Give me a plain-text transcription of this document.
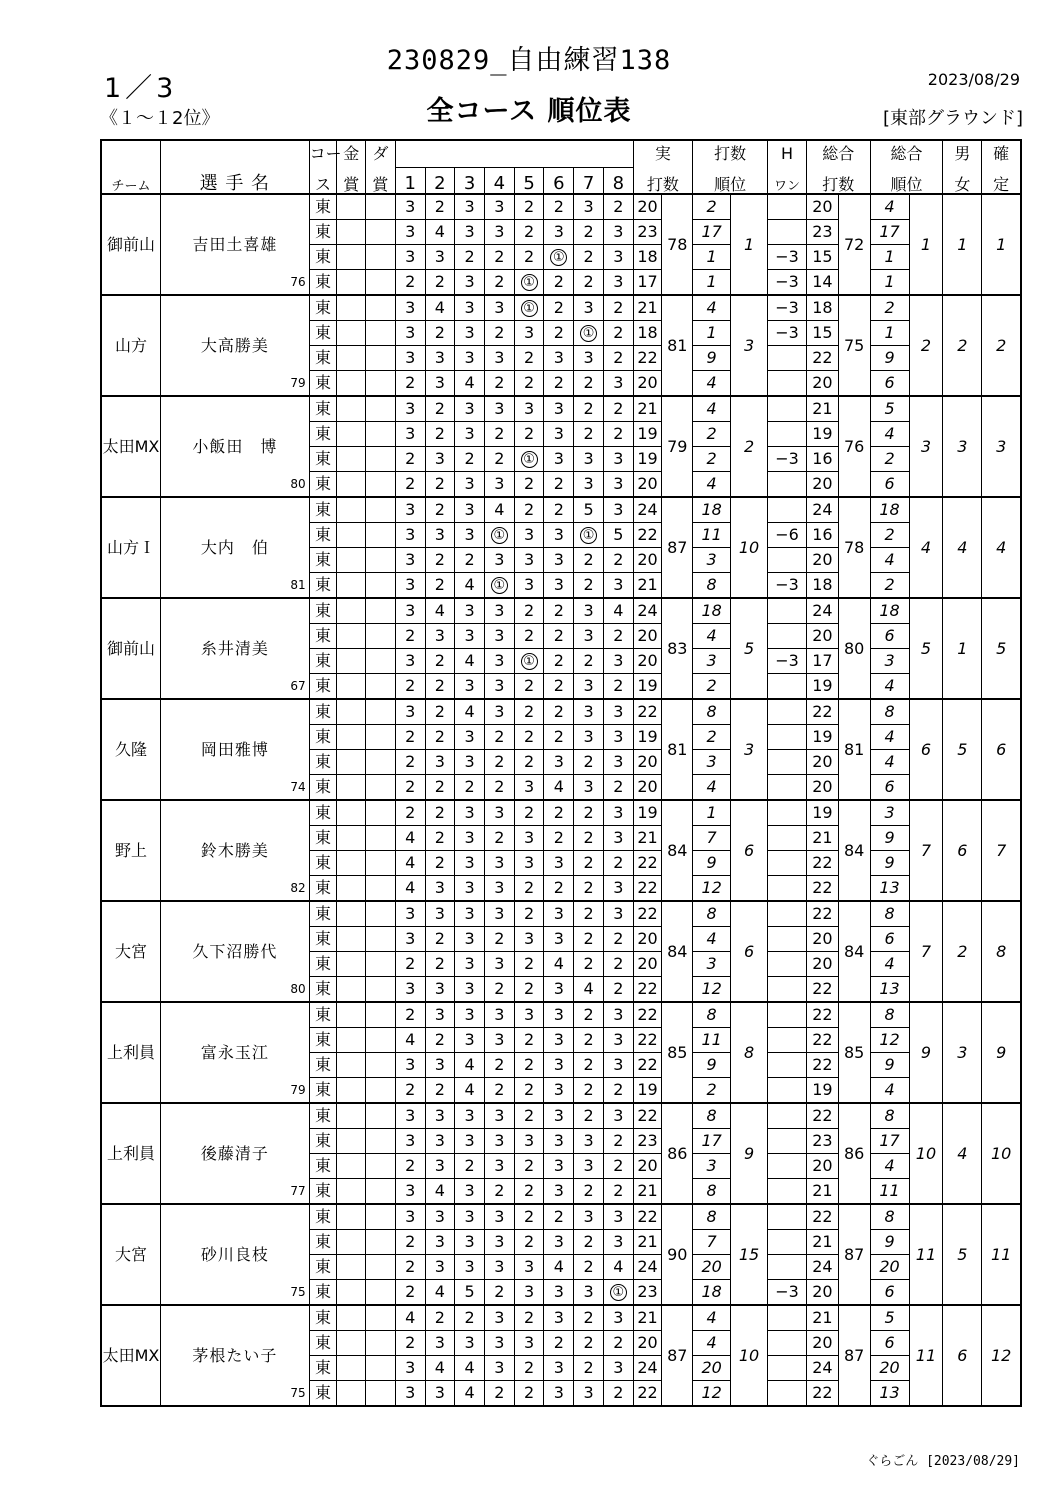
230829_自由練習138
1／3
《１～１2位》	全コース 順位表
2023/08/29
[東部グラウンド]
		コー	金	ダ									実		打数		H	総合		総合		男	確
チーム	選 手 名	ス	賞	賞	1	2	3	4	5	6	7	8	打数		順位		ワン	打数		順位		女	定
御前山	吉田土喜雄
76	東			3	2	3	3	2	2	3	2	20	78	2	1		20	72	4	1	1	1
		東			3	4	3	3	2	3	2	3	23		17			23		17			
		東			3	3	2	2	2	①	2	3	18		1		−3	15		1			
		東			2	2	3	2	①	2	2	3	17		1		−3	14		1			
山方	大高勝美
79	東			3	4	3	3	①	2	3	2	21	81	4	3	−3	18	75	2	2	2	2
		東			3	2	3	2	3	2	①	2	18		1		−3	15		1			
		東			3	3	3	3	2	3	3	2	22		9			22		9			
		東			2	3	4	2	2	2	2	3	20		4			20		6			
太田MX	小飯田　博
80	東			3	2	3	3	3	3	2	2	21	79	4	2		21	76	5	3	3	3
		東			3	2	3	2	2	3	2	2	19		2			19		4			
		東			2	3	2	2	①	3	3	3	19		2		−3	16		2			
		東			2	2	3	3	2	2	3	3	20		4			20		6			
山方Ｉ	大内　伯
81	東			3	2	3	4	2	2	5	3	24	87	18	10		24	78	18	4	4	4
		東			3	3	3	①	3	3	①	5	22		11		−6	16		2			
		東			3	2	2	3	3	3	2	2	20		3			20		4			
		東			3	2	4	①	3	3	2	3	21		8		−3	18		2			
御前山	糸井清美
67	東			3	4	3	3	2	2	3	4	24	83	18	5		24	80	18	5	1	5
		東			2	3	3	3	2	2	3	2	20		4			20		6			
		東			3	2	4	3	①	2	2	3	20		3		−3	17		3			
		東			2	2	3	3	2	2	3	2	19		2			19		4			
久隆	岡田雅博
74	東			3	2	4	3	2	2	3	3	22	81	8	3		22	81	8	6	5	6
		東			2	2	3	2	2	2	3	3	19		2			19		4			
		東			2	3	3	2	2	3	2	3	20		3			20		4			
		東			2	2	2	2	3	4	3	2	20		4			20		6			
野上	鈴木勝美
82	東			2	2	3	3	2	2	2	3	19	84	1	6		19	84	3	7	6	7
		東			4	2	3	2	3	2	2	3	21		7			21		9			
		東			4	2	3	3	3	3	2	2	22		9			22		9			
		東			4	3	3	3	2	2	2	3	22		12			22		13			
大宮	久下沼勝代
80	東			3	3	3	3	2	3	2	3	22	84	8	6		22	84	8	7	2	8
		東			3	2	3	2	3	3	2	2	20		4			20		6			
		東			2	2	3	3	2	4	2	2	20		3			20		4			
		東			3	3	3	2	2	3	4	2	22		12			22		13			
上利員	富永玉江
79	東			2	3	3	3	3	3	2	3	22	85	8	8		22	85	8	9	3	9
		東			4	2	3	3	2	3	2	3	22		11			22		12			
		東			3	3	4	2	2	3	2	3	22		9			22		9			
		東			2	2	4	2	2	3	2	2	19		2			19		4			
上利員	後藤清子
77	東			3	3	3	3	2	3	2	3	22	86	8	9		22	86	8	10	4	10
		東			3	3	3	3	3	3	3	2	23		17			23		17			
		東			2	3	2	3	2	3	3	2	20		3			20		4			
		東			3	4	3	2	2	3	2	2	21		8			21		11			
大宮	砂川良枝
75	東			3	3	3	3	2	2	3	3	22	90	8	15		22	87	8	11	5	11
		東			2	3	3	3	2	3	2	3	21		7			21		9			
		東			2	3	3	3	3	4	2	4	24		20			24		20			
		東			2	4	5	2	3	3	3	①	23		18		−3	20		6			
太田MX	茅根たい子
75	東			4	2	2	3	2	3	2	3	21	87	4	10		21	87	5	11	6	12
		東			2	3	3	3	3	2	2	2	20		4			20		6			
		東			3	4	4	3	2	3	2	3	24		20			24		20			
		東			3	3	4	2	2	3	3	2	22		12			22		13			
ぐらごん [2023/08/29]
